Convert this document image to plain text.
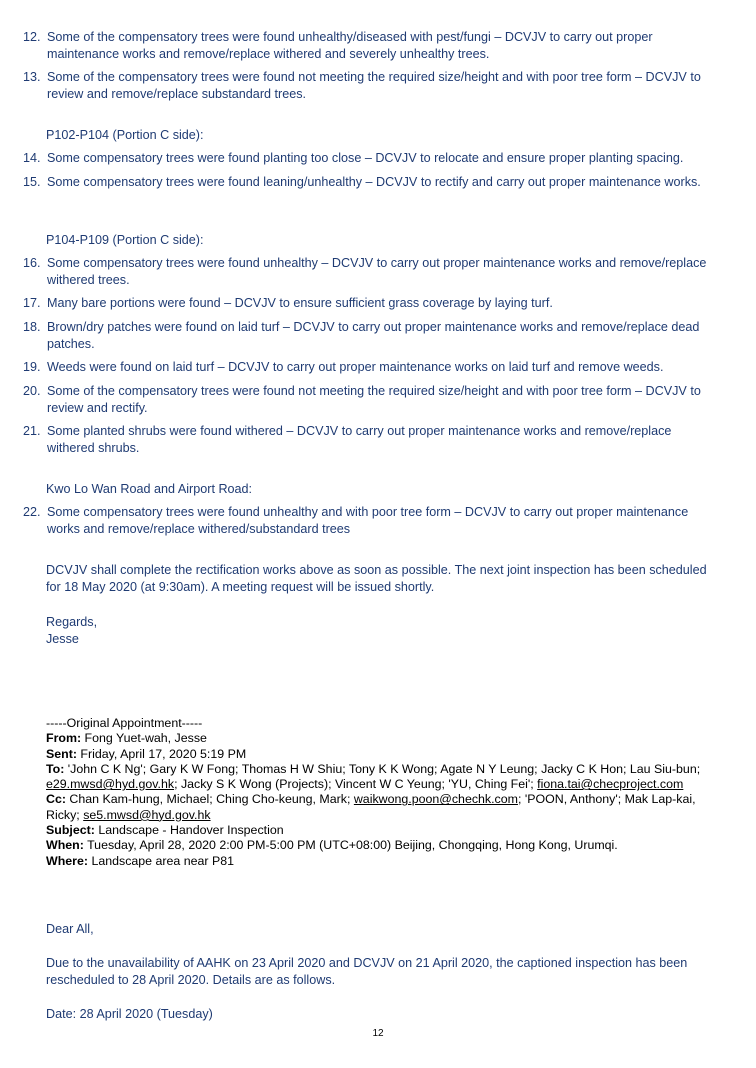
12. Some of the compensatory trees were found unhealthy/diseased with pest/fungi – DCVJV to carry out proper maintenance works and remove/replace withered and severely unhealthy trees.
13. Some of the compensatory trees were found not meeting the required size/height and with poor tree form – DCVJV to review and remove/replace substandard trees.
P102-P104 (Portion C side):
14. Some compensatory trees were found planting too close – DCVJV to relocate and ensure proper planting spacing.
15. Some compensatory trees were found leaning/unhealthy – DCVJV to rectify and carry out proper maintenance works.
P104-P109 (Portion C side):
16. Some compensatory trees were found unhealthy – DCVJV to carry out proper maintenance works and remove/replace withered trees.
17. Many bare portions were found – DCVJV to ensure sufficient grass coverage by laying turf.
18. Brown/dry patches were found on laid turf – DCVJV to carry out proper maintenance works and remove/replace dead patches.
19. Weeds were found on laid turf – DCVJV to carry out proper maintenance works on laid turf and remove weeds.
20. Some of the compensatory trees were found not meeting the required size/height and with poor tree form – DCVJV to review and rectify.
21. Some planted shrubs were found withered – DCVJV to carry out proper maintenance works and remove/replace withered shrubs.
Kwo Lo Wan Road and Airport Road:
22. Some compensatory trees were found unhealthy and with poor tree form – DCVJV to carry out proper maintenance works and remove/replace withered/substandard trees
DCVJV shall complete the rectification works above as soon as possible. The next joint inspection has been scheduled for 18 May 2020 (at 9:30am). A meeting request will be issued shortly.
Regards,
Jesse
-----Original Appointment-----
From: Fong Yuet-wah, Jesse
Sent: Friday, April 17, 2020 5:19 PM
To: 'John C K Ng'; Gary K W Fong; Thomas H W Shiu; Tony K K Wong; Agate N Y Leung; Jacky C K Hon; Lau Siu-bun; e29.mwsd@hyd.gov.hk; Jacky S K Wong (Projects); Vincent W C Yeung; 'YU, Ching Fei'; fiona.tai@checproject.com
Cc: Chan Kam-hung, Michael; Ching Cho-keung, Mark; waikwong.poon@chechk.com; 'POON, Anthony'; Mak Lap-kai, Ricky; se5.mwsd@hyd.gov.hk
Subject: Landscape - Handover Inspection
When: Tuesday, April 28, 2020 2:00 PM-5:00 PM (UTC+08:00) Beijing, Chongqing, Hong Kong, Urumqi.
Where: Landscape area near P81
Dear All,
Due to the unavailability of AAHK on 23 April 2020 and DCVJV on 21 April 2020, the captioned inspection has been rescheduled to 28 April 2020. Details are as follows.
Date: 28 April 2020 (Tuesday)
12
